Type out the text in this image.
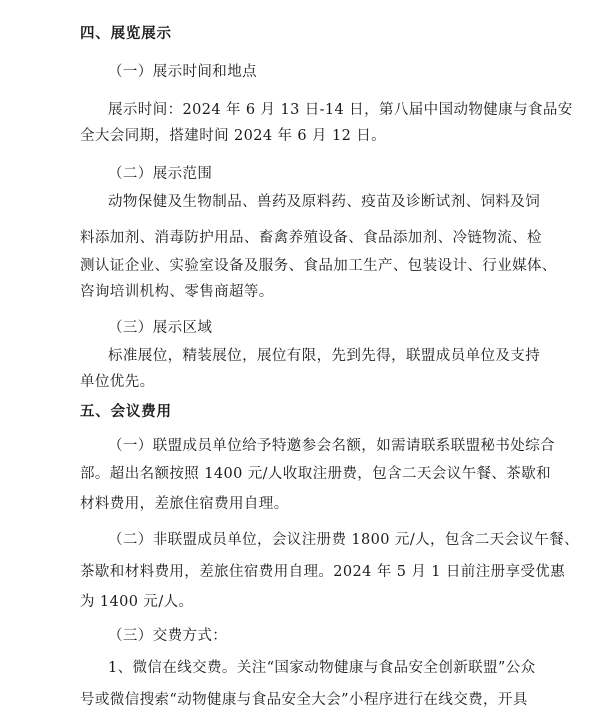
四、展览展示
（一）展示时间和地点
展示时间：2024 年 6 月 13 日-14 日，第八届中国动物健康与食品安
全大会同期，搭建时间 2024 年 6 月 12 日。
（二）展示范围
动物保健及生物制品、兽药及原料药、疫苗及诊断试剂、饲料及饲
料添加剂、消毒防护用品、畜禽养殖设备、食品添加剂、冷链物流、检
测认证企业、实验室设备及服务、食品加工生产、包装设计、行业媒体、
咨询培训机构、零售商超等。
（三）展示区域
标准展位，精装展位，展位有限，先到先得，联盟成员单位及支持
单位优先。
五、会议费用
（一）联盟成员单位给予特邀参会名额，如需请联系联盟秘书处综合
部。超出名额按照 1400 元/人收取注册费，包含二天会议午餐、茶歇和
材料费用，差旅住宿费用自理。
（二）非联盟成员单位，会议注册费 1800 元/人，包含二天会议午餐、
茶歇和材料费用，差旅住宿费用自理。2024 年 5 月 1 日前注册享受优惠
为 1400 元/人。
（三）交费方式：
1、微信在线交费。关注“国家动物健康与食品安全创新联盟”公众
号或微信搜索“动物健康与食品安全大会”小程序进行在线交费，开具
